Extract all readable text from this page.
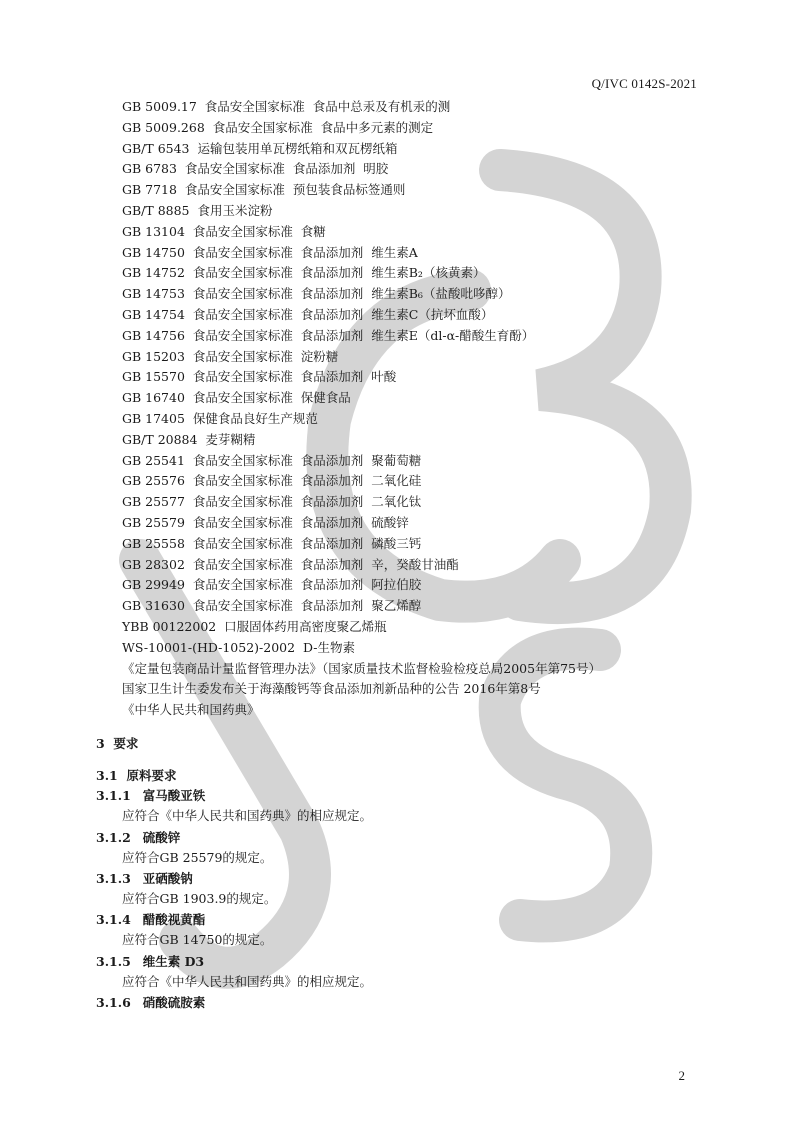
Q/IVC 0142S-2021
GB 5009.17  食品安全国家标准  食品中总汞及有机汞的测
GB 5009.268  食品安全国家标准  食品中多元素的测定
GB/T 6543  运输包装用单瓦楞纸箱和双瓦楞纸箱
GB 6783  食品安全国家标准  食品添加剂  明胶
GB 7718  食品安全国家标准  预包装食品标签通则
GB/T 8885  食用玉米淀粉
GB 13104  食品安全国家标准  食糖
GB 14750  食品安全国家标准  食品添加剂  维生素A
GB 14752  食品安全国家标准  食品添加剂  维生素B₂（核黄素）
GB 14753  食品安全国家标准  食品添加剂  维生素B₆（盐酸吡哆醇）
GB 14754  食品安全国家标准  食品添加剂  维生素C（抗坏血酸）
GB 14756  食品安全国家标准  食品添加剂  维生素E（dl-α-醋酸生育酚）
GB 15203  食品安全国家标准  淀粉糖
GB 15570  食品安全国家标准  食品添加剂  叶酸
GB 16740  食品安全国家标准  保健食品
GB 17405  保健食品良好生产规范
GB/T 20884  麦芽糊精
GB 25541  食品安全国家标准  食品添加剂  聚葡萄糖
GB 25576  食品安全国家标准  食品添加剂  二氧化硅
GB 25577  食品安全国家标准  食品添加剂  二氧化钛
GB 25579  食品安全国家标准  食品添加剂  硫酸锌
GB 25558  食品安全国家标准  食品添加剂  磷酸三钙
GB 28302  食品安全国家标准  食品添加剂  辛，癸酸甘油酯
GB 29949  食品安全国家标准  食品添加剂  阿拉伯胶
GB 31630  食品安全国家标准  食品添加剂  聚乙烯醇
YBB 00122002  口服固体药用高密度聚乙烯瓶
WS-10001-(HD-1052)-2002  D-生物素
《定量包装商品计量监督管理办法》（国家质量技术监督检验检疫总局2005年第75号）
国家卫生计生委发布关于海藻酸钙等食品添加剂新品种的公告 2016年第8号
《中华人民共和国药典》
3  要求
3.1  原料要求
3.1.1 富马酸亚铁
应符合《中华人民共和国药典》的相应规定。
3.1.2 硫酸锌
应符合GB 25579的规定。
3.1.3 亚硒酸钠
应符合GB 1903.9的规定。
3.1.4 醋酸视黄酯
应符合GB 14750的规定。
3.1.5 维生素 D3
应符合《中华人民共和国药典》的相应规定。
3.1.6 硝酸硫胺素
2
